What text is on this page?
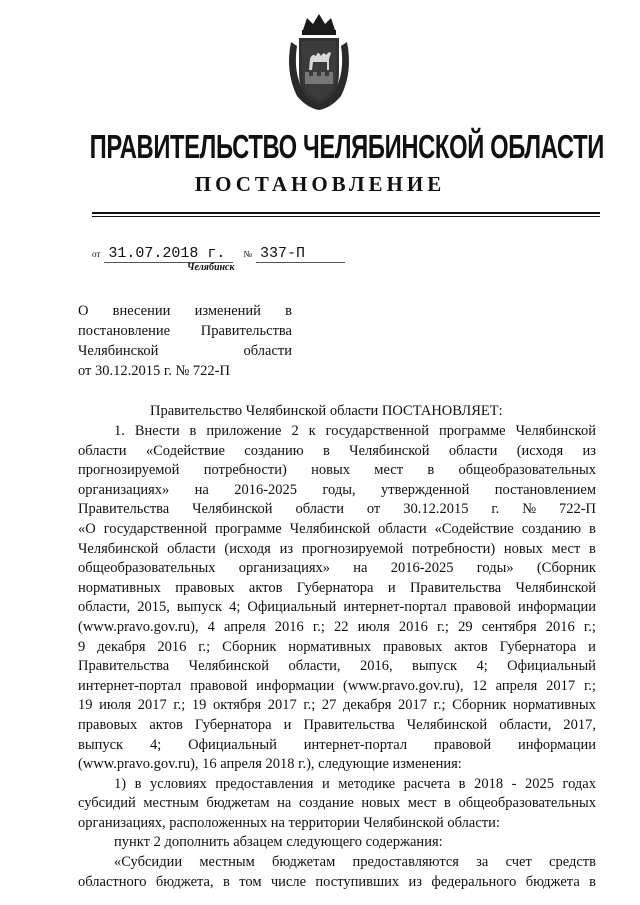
ПРАВИТЕЛЬСТВО ЧЕЛЯБИНСКОЙ ОБЛАСТИ
ПОСТАНОВЛЕНИЕ
от 31.07.2018 г. № 337-П
Челябинск
О внесении изменений в
постановление Правительства
Челябинской	области
от 30.12.2015 г. № 722-П
Правительство Челябинской области ПОСТАНОВЛЯЕТ:
1. Внести в приложение 2 к государственной программе Челябинской
области «Содействие созданию в Челябинской области (исходя из
прогнозируемой потребности) новых мест в общеобразовательных
организациях» на 2016-2025 годы, утвержденной постановлением
Правительства Челябинской области от 30.12.2015 г. № 722-П
«О государственной программе Челябинской области «Содействие созданию в
Челябинской области (исходя из прогнозируемой потребности) новых мест в
общеобразовательных организациях» на 2016-2025 годы» (Сборник
нормативных правовых актов Губернатора и Правительства Челябинской
области, 2015, выпуск 4; Официальный интернет-портал правовой информации
(www.pravo.gov.ru), 4 апреля 2016 г.; 22 июля 2016 г.; 29 сентября 2016 г.;
9 декабря 2016 г.; Сборник нормативных правовых актов Губернатора и
Правительства Челябинской области, 2016, выпуск 4; Официальный
интернет-портал правовой информации (www.pravo.gov.ru), 12 апреля 2017 г.;
19 июля 2017 г.; 19 октября 2017 г.; 27 декабря 2017 г.; Сборник нормативных
правовых актов Губернатора и Правительства Челябинской области, 2017,
выпуск 4; Официальный интернет-портал правовой информации
(www.pravo.gov.ru), 16 апреля 2018 г.), следующие изменения:
1) в условиях предоставления и методике расчета в 2018 - 2025 годах
субсидий местным бюджетам на создание новых мест в общеобразовательных
организациях, расположенных на территории Челябинской области:
пункт 2 дополнить абзацем следующего содержания:
«Субсидии местным бюджетам предоставляются за счет средств
областного бюджета, в том числе поступивших из федерального бюджета в
